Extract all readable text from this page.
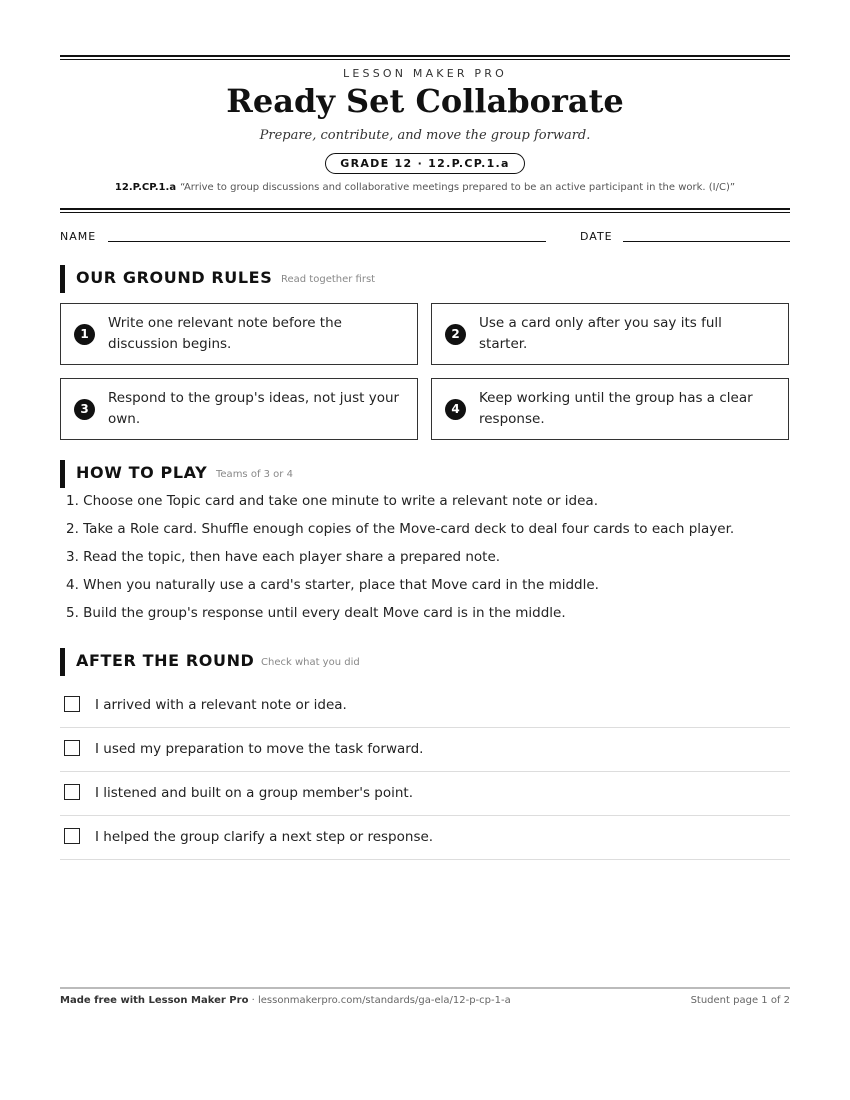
LESSON MAKER PRO
Ready Set Collaborate
Prepare, contribute, and move the group forward.
GRADE 12 · 12.P.CP.1.a
12.P.CP.1.a “Arrive to group discussions and collaborative meetings prepared to be an active participant in the work. (I/C)”
NAME	DATE
OUR GROUND RULES Read together first
1
Write one relevant note before the discussion begins.
2
Use a card only after you say its full starter.
3
Respond to the group's ideas, not just your own.
4
Keep working until the group has a clear response.
HOW TO PLAY Teams of 3 or 4
1. Choose one Topic card and take one minute to write a relevant note or idea.
2. Take a Role card. Shuffle enough copies of the Move-card deck to deal four cards to each player.
3. Read the topic, then have each player share a prepared note.
4. When you naturally use a card's starter, place that Move card in the middle.
5. Build the group's response until every dealt Move card is in the middle.
AFTER THE ROUND Check what you did
I arrived with a relevant note or idea.
I used my preparation to move the task forward.
I listened and built on a group member's point.
I helped the group clarify a next step or response.
Made free with Lesson Maker Pro · lessonmakerpro.com/standards/ga-ela/12-p-cp-1-a	Student page 1 of 2
